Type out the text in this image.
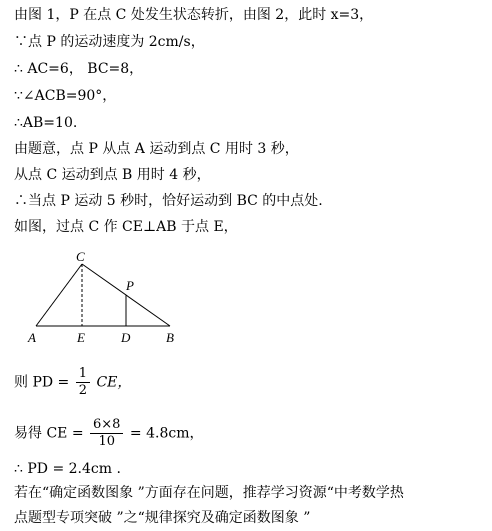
由图 1，P 在点 C 处发生状态转折，由图 2，此时 x=3，
∵点 P 的运动速度为 2cm/s，
∴ AC=6， BC=8，
∵∠ACB=90°，
∴AB=10.
由题意，点 P 从点 A 运动到点 C 用时 3 秒，
从点 C 运动到点 B 用时 4 秒，
∴当点 P 运动 5 秒时，恰好运动到 BC 的中点处.
如图，过点 C 作 CE⊥AB 于点 E，
C
P
A	E	D	B
则 PD = $\frac{1}{2}$ CE，
易得 CE = $\frac{6\times 8}{10} = 4.8cm$，
∴ PD = 2.4cm .
若在“确定函数图象 ”方面存在问题，推荐学习资源“中考数学热
点题型专项突破 ”之“规律探究及确定函数图象 ”
